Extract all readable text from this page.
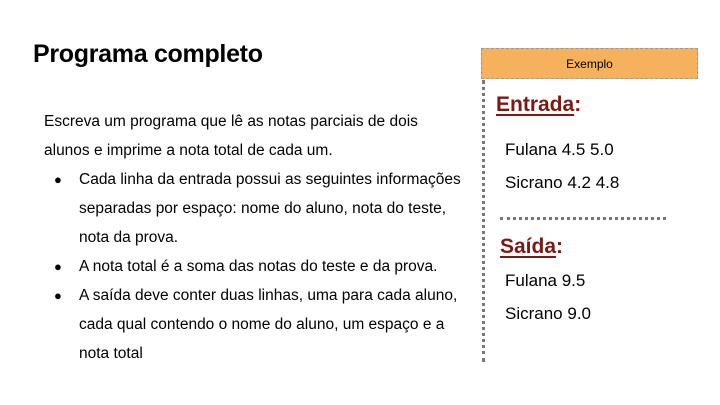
Programa completo

Escreva um programa que lê as notas parciais de dois alunos e imprime a nota total de cada um.

● Cada linha da entrada possui as seguintes informações separadas por espaço: nome do aluno, nota do teste, nota da prova.
● A nota total é a soma das notas do teste e da prova.
● A saída deve conter duas linhas, uma para cada aluno, cada qual contendo o nome do aluno, um espaço e a nota total
Exemplo
Entrada:
Fulana 4.5 5.0
Sicrano 4.2 4.8
Saída:
Fulana 9.5
Sicrano 9.0
